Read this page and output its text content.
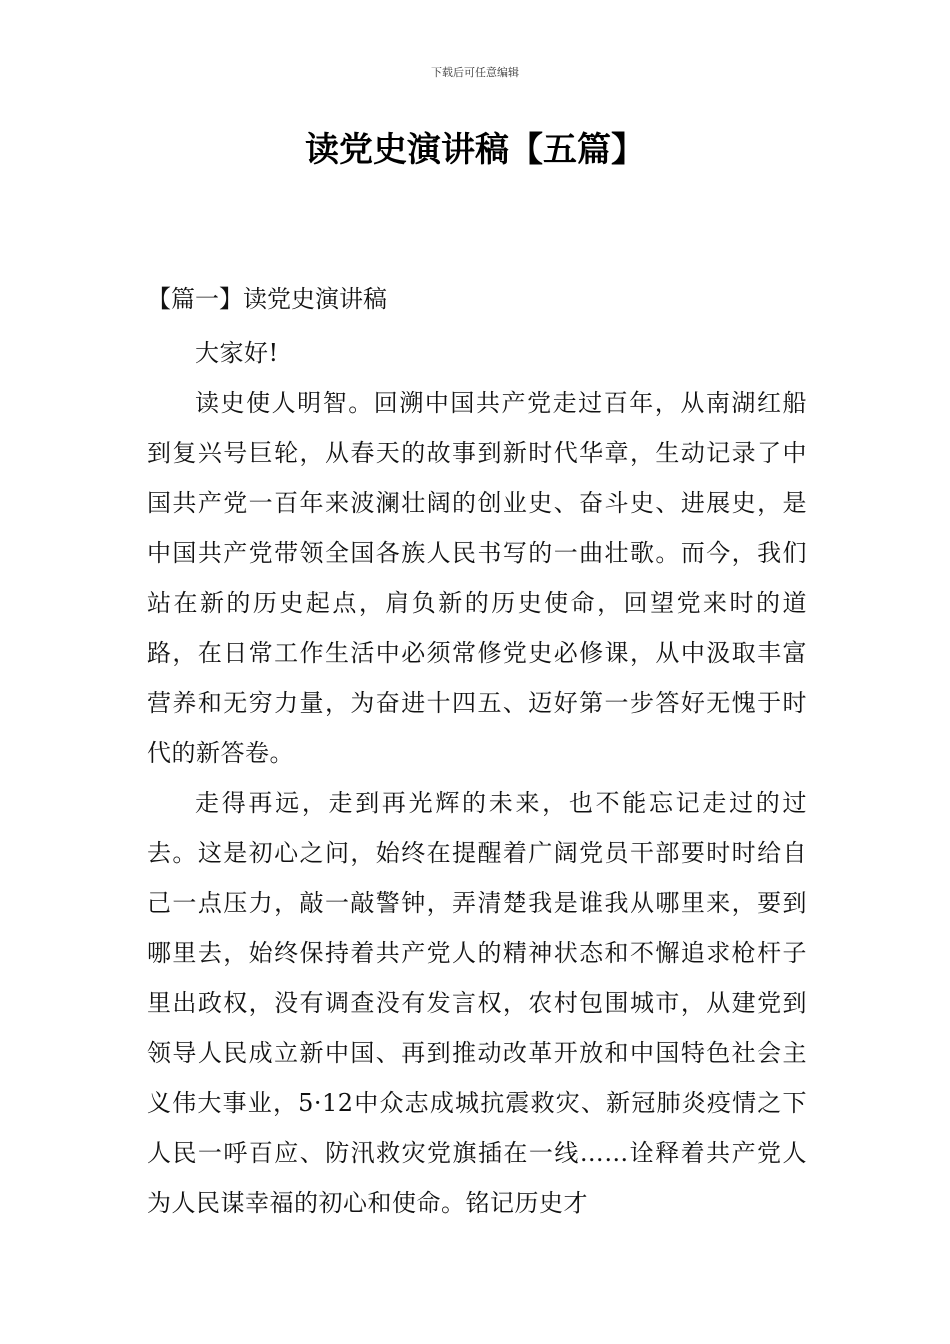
下载后可任意编辑
读党史演讲稿【五篇】
【篇一】读党史演讲稿

大家好!

读史使人明智。回溯中国共产党走过百年，从南湖红船到复兴号巨轮，从春天的故事到新时代华章，生动记录了中国共产党一百年来波澜壮阔的创业史、奋斗史、进展史，是中国共产党带领全国各族人民书写的一曲壮歌。而今，我们站在新的历史起点，肩负新的历史使命，回望党来时的道路，在日常工作生活中必须常修党史必修课，从中汲取丰富营养和无穷力量，为奋进十四五、迈好第一步答好无愧于时代的新答卷。

走得再远，走到再光辉的未来，也不能忘记走过的过去。这是初心之问，始终在提醒着广阔党员干部要时时给自己一点压力，敲一敲警钟，弄清楚我是谁我从哪里来，要到哪里去，始终保持着共产党人的精神状态和不懈追求枪杆子里出政权，没有调查没有发言权，农村包围城市，从建党到领导人民成立新中国、再到推动改革开放和中国特色社会主义伟大事业，5·12中众志成城抗震救灾、新冠肺炎疫情之下人民一呼百应、防汛救灾党旗插在一线……诠释着共产党人为人民谋幸福的初心和使命。铭记历史才
